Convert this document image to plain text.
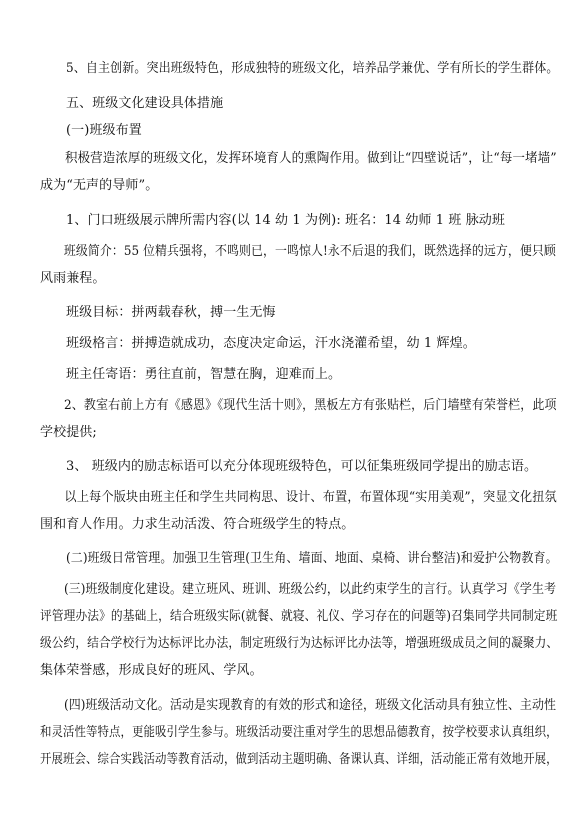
5、自主创新。突出班级特色，形成独特的班级文化，培养品学兼优、学有所长的学生群体。
五、班级文化建设具体措施
(一)班级布置
积极营造浓厚的班级文化，发挥环境育人的熏陶作用。做到让“四壁说话”，让“每一堵墙”
成为“无声的导师”。
1、门口班级展示牌所需内容(以 14 幼 1 为例): 班名：14 幼师 1 班 脉动班
班级简介：55 位精兵强将，不鸣则已，一鸣惊人!永不后退的我们，既然选择的远方，便只顾
风雨兼程。
班级目标：拼两载春秋，搏一生无悔
班级格言：拼搏造就成功，态度决定命运，汗水浇灌希望，幼 1 辉煌。
班主任寄语：勇往直前，智慧在胸，迎难而上。
2、教室右前上方有《感恩》《现代生活十则》，黑板左方有张贴栏，后门墙壁有荣誉栏，此项
学校提供;
3、 班级内的励志标语可以充分体现班级特色，可以征集班级同学提出的励志语。
以上每个版块由班主任和学生共同构思、设计、布置，布置体现“实用美观”，突显文化扭氛
围和育人作用。力求生动活泼、符合班级学生的特点。
(二)班级日常管理。加强卫生管理(卫生角、墙面、地面、桌椅、讲台整洁)和爱护公物教育。
(三)班级制度化建设。建立班风、班训、班级公约，以此约束学生的言行。认真学习《学生考
评管理办法》的基础上，结合班级实际(就餐、就寝、礼仪、学习存在的问题等)召集同学共同制定班
级公约，结合学校行为达标评比办法，制定班级行为达标评比办法等，增强班级成员之间的凝聚力、
集体荣誉感，形成良好的班风、学风。
(四)班级活动文化。活动是实现教育的有效的形式和途径，班级文化活动具有独立性、主动性
和灵活性等特点，更能吸引学生参与。班级活动要注重对学生的思想品德教育，按学校要求认真组织，
开展班会、综合实践活动等教育活动，做到活动主题明确、备课认真、详细，活动能正常有效地开展，
